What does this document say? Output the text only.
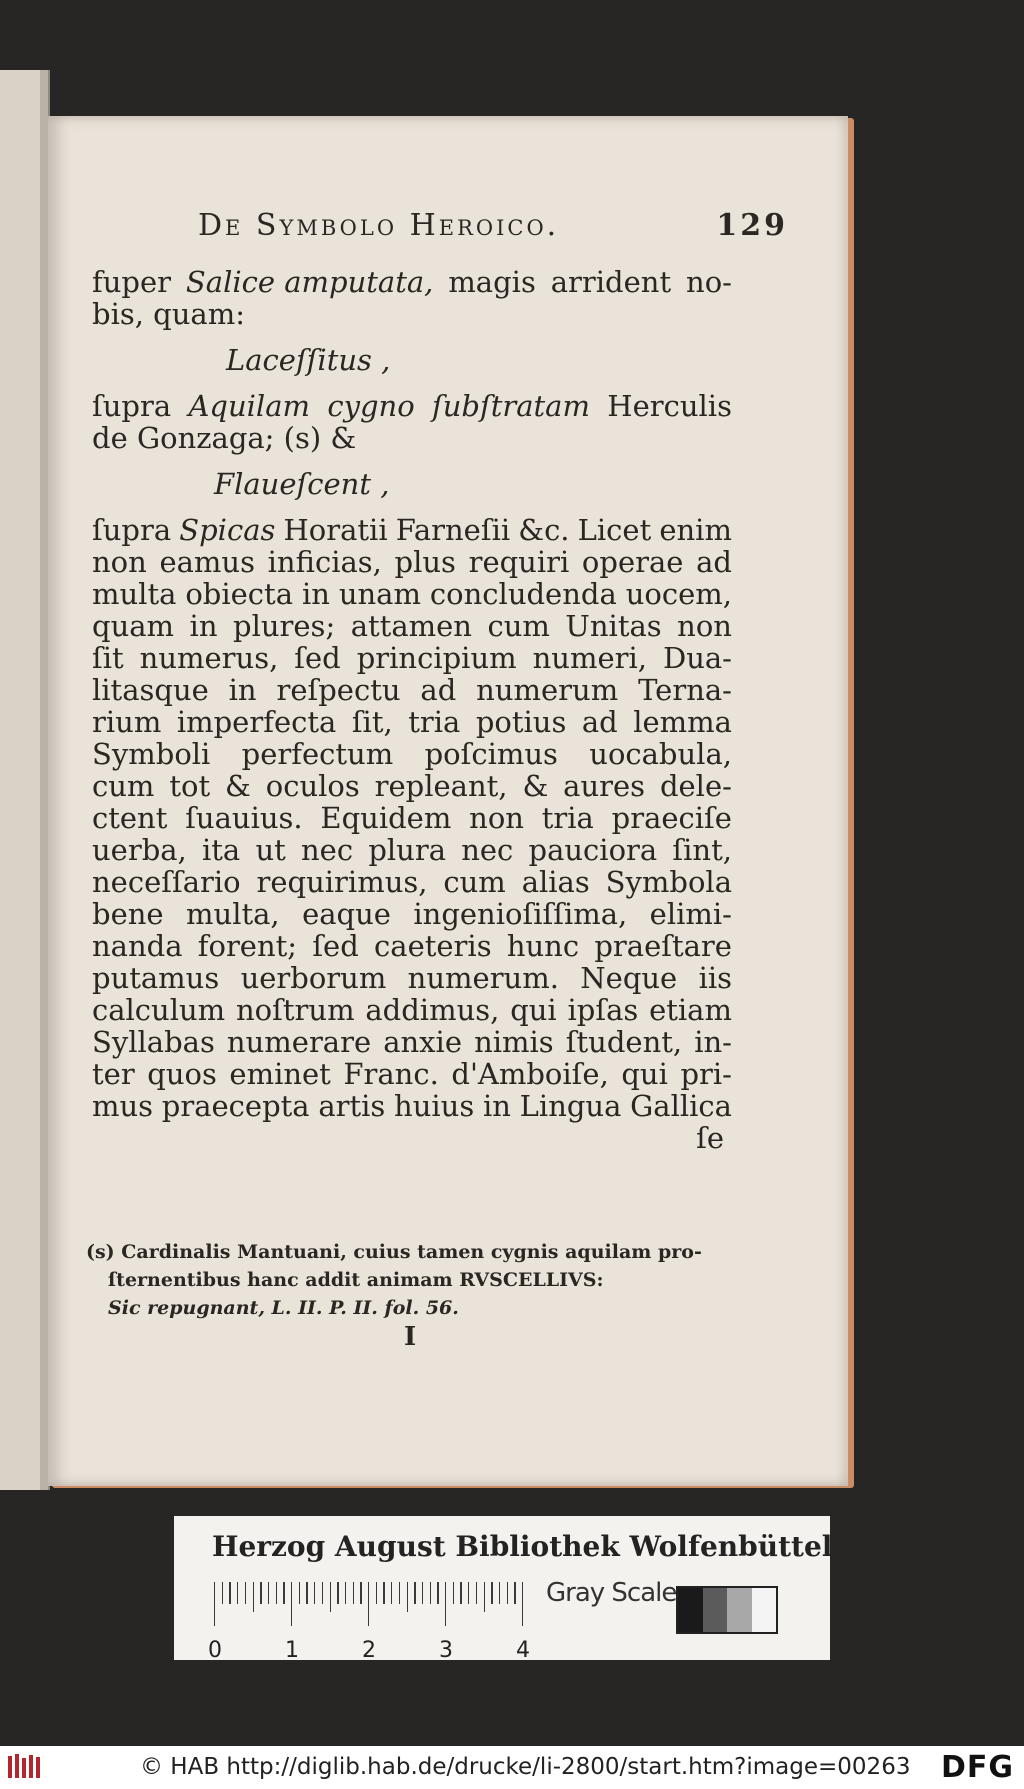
De Symbolo Heroico.	129
fuper Salice amputata, magis arrident no-
bis, quam:
Laceſſitus ,
ſupra Aquilam cygno ſubſtratam Herculis
de Gonzaga; (s) &
Flaueſcent ,
ſupra Spicas Horatii Farneſii &c. Licet enim
non eamus inficias, plus requiri operae ad
multa obiecta in unam concludenda uocem,
quam in plures; attamen cum Unitas non
ſit numerus, ſed principium numeri, Dua-
litasque in reſpectu ad numerum Terna-
rium imperfecta ſit, tria potius ad lemma
Symboli perfectum poſcimus uocabula,
cum tot & oculos repleant, & aures dele-
ctent ſuauius. Equidem non tria praeciſe
uerba, ita ut nec plura nec pauciora ſint,
neceſſario requirimus, cum alias Symbola
bene multa, eaque ingenioſiſſima, elimi-
nanda forent; ſed caeteris hunc praeſtare
putamus uerborum numerum. Neque iis
calculum noſtrum addimus, qui ipſas etiam
Syllabas numerare anxie nimis ſtudent, in-
ter quos eminet Franc. d'Amboiſe, qui pri-
mus praecepta artis huius in Lingua Gallica
ſe
(s) Cardinalis Mantuani, cuius tamen cygnis aquilam pro-
ſternentibus hanc addit animam RVSCELLIVS:
Sic repugnant, L. II. P. II. fol. 56.
I
Herzog August Bibliothek Wolfenbüttel
0	1	2	3	4
Gray Scale
© HAB http://diglib.hab.de/drucke/li-2800/start.htm?image=00263 DFG
